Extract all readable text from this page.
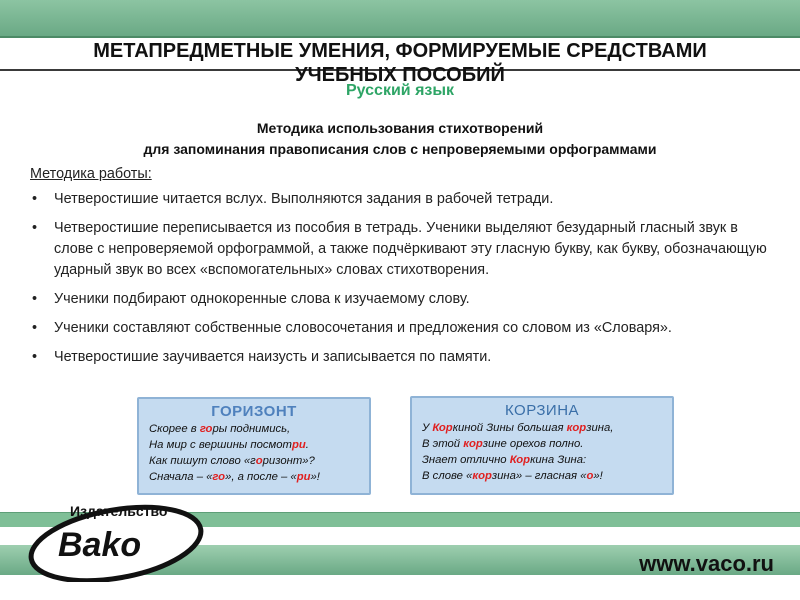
МЕТАПРЕДМЕТНЫЕ УМЕНИЯ, ФОРМИРУЕМЫЕ СРЕДСТВАМИ УЧЕБНЫХ ПОСОБИЙ
Русский язык
Методика использования стихотворений
для запоминания правописания слов с непроверяемыми орфограммами
Методика работы:
• Четверостишие читается вслух. Выполняются задания в рабочей тетради.
• Четверостишие переписывается из пособия в тетрадь. Ученики выделяют безударный гласный звук в слове с непроверяемой орфограммой, а также подчёркивают эту гласную букву, как букву, обозначающую ударный звук во всех «вспомогательных» словах стихотворения.
• Ученики подбирают однокоренные слова к изучаемому слову.
• Ученики составляют собственные словосочетания и предложения со словом из «Словаря».
• Четверостишие заучивается наизусть и записывается по памяти.
ГОРИЗОНТ
Скорее в горы поднимись,
На мир с вершины посмотри.
Как пишут слово «горизонт»?
Сначала – «го», а после – «ри»!
КОРЗИНА
У Коркиной Зины большая корзина,
В этой корзине орехов полно.
Знает отлично Коркина Зина:
В слове «корзина» – гласная «о»!
Издательство
Bako	www.vaco.ru
